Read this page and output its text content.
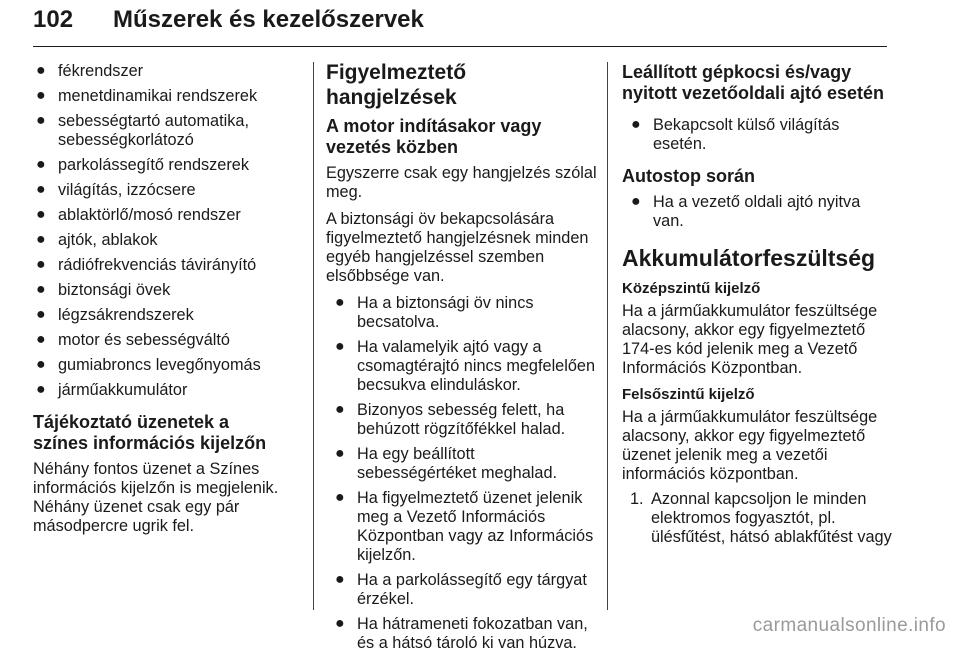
102 Műszerek és kezelőszervek
● fékrendszer
● menetdinamikai rendszerek
● sebességtartó automatika, sebességkorlátozó
● parkolássegítő rendszerek
● világítás, izzócsere
● ablaktörlő/mosó rendszer
● ajtók, ablakok
● rádiófrekvenciás távirányító
● biztonsági övek
● légzsákrendszerek
● motor és sebességváltó
● gumiabroncs levegőnyomás
● járműakkumulátor
Tájékoztató üzenetek a színes információs kijelzőn

Néhány fontos üzenet a Színes információs kijelzőn is megjelenik. Néhány üzenet csak egy pár másodpercre ugrik fel.

Figyelmeztető hangjelzések
A motor indításakor vagy vezetés közben

Egyszerre csak egy hangjelzés szólal meg.

A biztonsági öv bekapcsolására figyelmeztető hangjelzésnek minden egyéb hangjelzéssel szemben elsőbbsége van.

● Ha a biztonsági öv nincs becsatolva.
● Ha valamelyik ajtó vagy a csomagtérajtó nincs megfelelően becsukva elinduláskor.
● Bizonyos sebesség felett, ha behúzott rögzítőfékkel halad.
● Ha egy beállított sebességértéket meghalad.
● Ha figyelmeztető üzenet jelenik meg a Vezető Információs Központban vagy az Információs kijelzőn.
● Ha a parkolássegítő egy tárgyat érzékel.
● Ha hátrameneti fokozatban van, és a hátsó tároló ki van húzva.
Leállított gépkocsi és/vagy nyitott vezetőoldali ajtó esetén
● Bekapcsolt külső világítás esetén.
Autostop során
● Ha a vezető oldali ajtó nyitva van.
Akkumulátorfeszültség
Középszintű kijelző

Ha a járműakkumulátor feszültsége alacsony, akkor egy figyelmeztető 174-es kód jelenik meg a Vezető Információs Központban.

Felsőszintű kijelző

Ha a járműakkumulátor feszültsége alacsony, akkor egy figyelmeztető üzenet jelenik meg a vezetői információs központban.

1. Azonnal kapcsoljon le minden elektromos fogyasztót, pl. ülésfűtést, hátsó ablakfűtést vagy
carmanualsonline.info
